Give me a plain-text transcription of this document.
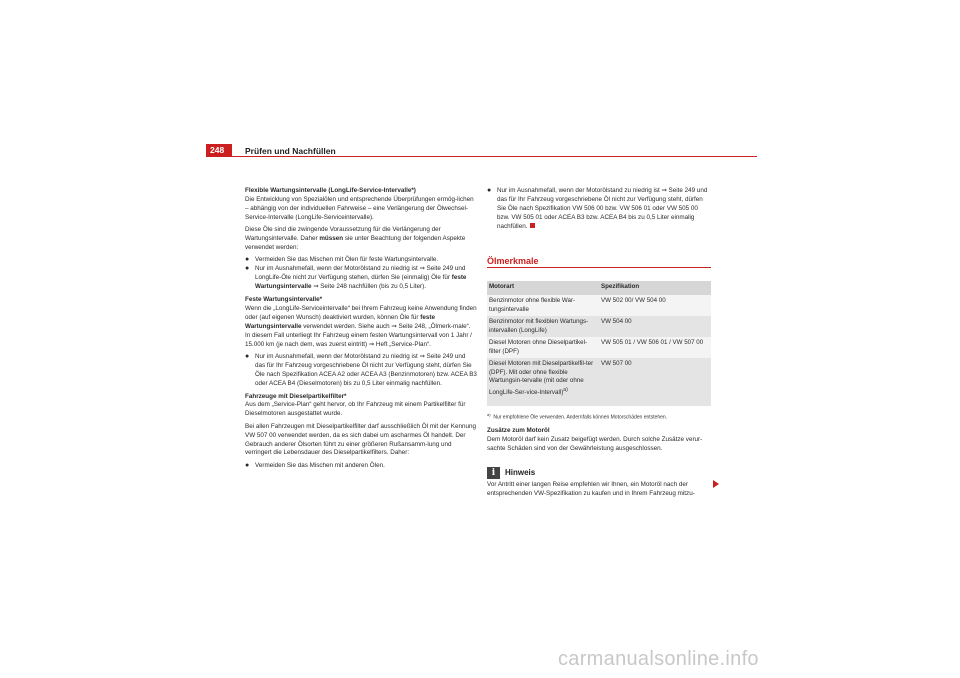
248	Prüfen und Nachfüllen

Flexible Wartungsintervalle (LongLife-Service-Intervalle*)

Die Entwicklung von Spezialölen und entsprechende Überprüfungen ermög-lichen – abhängig von der individuellen Fahrweise – eine Verlängerung der Ölwechsel-Service-Intervalle (LongLife-Serviceintervalle).

Diese Öle sind die zwingende Voraussetzung für die Verlängerung der Wartungsintervalle. Daher müssen sie unter Beachtung der folgenden Aspekte verwendet werden:

● Vermeiden Sie das Mischen mit Ölen für feste Wartungsintervalle.
● Nur im Ausnahmefall, wenn der Motorölstand zu niedrig ist ⇒ Seite 249 und LongLife-Öle nicht zur Verfügung stehen, dürfen Sie (einmalig) Öle für feste Wartungsintervalle ⇒ Seite 248 nachfüllen (bis zu 0,5 Liter).

Feste Wartungsintervalle*

Wenn die „LongLife-Serviceintervalle“ bei Ihrem Fahrzeug keine Anwendung finden oder (auf eigenen Wunsch) deaktiviert wurden, können Öle für feste Wartungsintervalle verwendet werden. Siehe auch ⇒ Seite 248, „Ölmerk-male“. In diesem Fall unterliegt Ihr Fahrzeug einem festen Wartungsintervall von 1 Jahr / 15.000 km (je nach dem, was zuerst eintritt) ⇒ Heft „Service-Plan“.

● Nur im Ausnahmefall, wenn der Motorölstand zu niedrig ist ⇒ Seite 249 und das für Ihr Fahrzeug vorgeschriebene Öl nicht zur Verfügung steht, dürfen Sie Öle nach Spezifikation ACEA A2 oder ACEA A3 (Benzinmotoren) bzw. ACEA B3 oder ACEA B4 (Dieselmotoren) bis zu 0,5 Liter einmalig nachfüllen.

Fahrzeuge mit Dieselpartikelfilter*

Aus dem „Service-Plan“ geht hervor, ob Ihr Fahrzeug mit einem Partikelfilter für Dieselmotoren ausgestattet wurde.

Bei allen Fahrzeugen mit Dieselpartikelfilter darf ausschließlich Öl mit der Kennung VW 507 00 verwendet werden, da es sich dabei um ascharmes Öl handelt. Der Gebrauch anderer Ölsorten führt zu einer größeren Rußansamm-lung und verringert die Lebensdauer des Dieselpartikelfilters. Daher:

● Vermeiden Sie das Mischen mit anderen Ölen.
● Nur im Ausnahmefall, wenn der Motorölstand zu niedrig ist ⇒ Seite 249 und das für Ihr Fahrzeug vorgeschriebene Öl nicht zur Verfügung steht, dürfen Sie Öle nach Spezifikation VW 506 00 bzw. VW 506 01 oder VW 505 00 bzw. VW 505 01 oder ACEA B3 bzw. ACEA B4 bis zu 0,5 Liter einmalig nachfüllen.
Ölmerkmale
Motorart	Spezifikation
Benzinmotor ohne flexible War-tungsintervalle	VW 502 00/ VW 504 00
Benzinmotor mit flexiblen Wartungs-intervallen (LongLife)	VW 504 00
Diesel Motoren ohne Dieselpartikel-filter (DPF)	VW 505 01 / VW 506 01 / VW 507 00
Diesel Motoren mit Dieselpartikelfil-ter (DPF). Mit oder ohne flexible Wartungsin-tervalle (mit oder ohne LongLife-Ser-vice-Intervall)$^{a)}$	VW 507 00
$^{a)}$  Nur empfohlene Öle verwenden. Andernfalls können Motorschäden entstehen.

Zusätze zum Motoröl

Dem Motoröl darf kein Zusatz beigefügt werden. Durch solche Zusätze verur-sachte Schäden sind von der Gewährleistung ausgeschlossen.

i	Hinweis

Vor Antritt einer langen Reise empfehlen wir Ihnen, ein Motoröl nach der entsprechenden VW-Spezifikation zu kaufen und in Ihrem Fahrzeug mitzu-

carmanualsonline.info
